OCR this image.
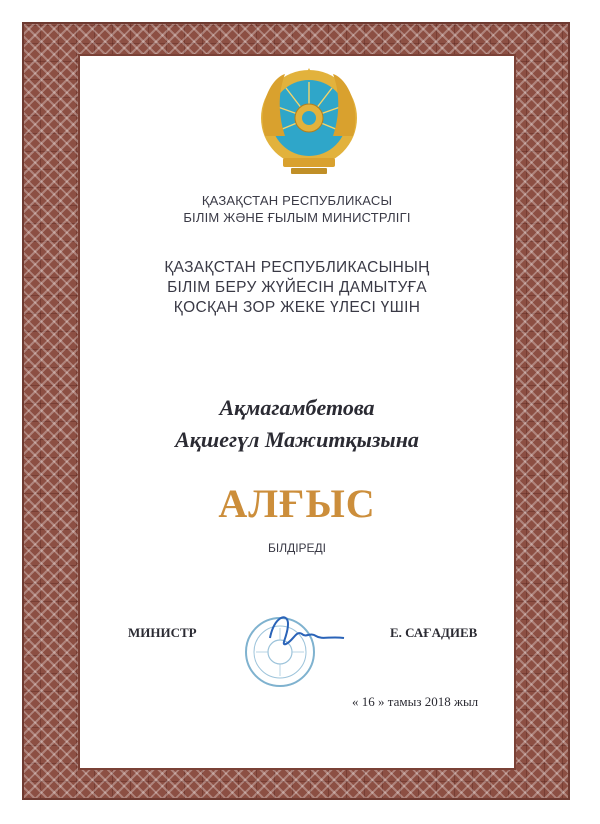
ҚАЗАҚСТАН РЕСПУБЛИКАСЫ
БІЛІМ ЖӘНЕ ҒЫЛЫМ МИНИСТРЛІГІ
ҚАЗАҚСТАН РЕСПУБЛИКАСЫНЫҢ
БІЛІМ БЕРУ ЖҮЙЕСІН ДАМЫТУҒА
ҚОСҚАН ЗОР ЖЕКЕ ҮЛЕСІ ҮШІН
Ақмагамбетова
Ақшегүл Мажитқызына
АЛҒЫС
БІЛДІРЕДІ
МИНИСТР	Е. САҒАДИЕВ
« 16 » тамыз 2018 жыл
